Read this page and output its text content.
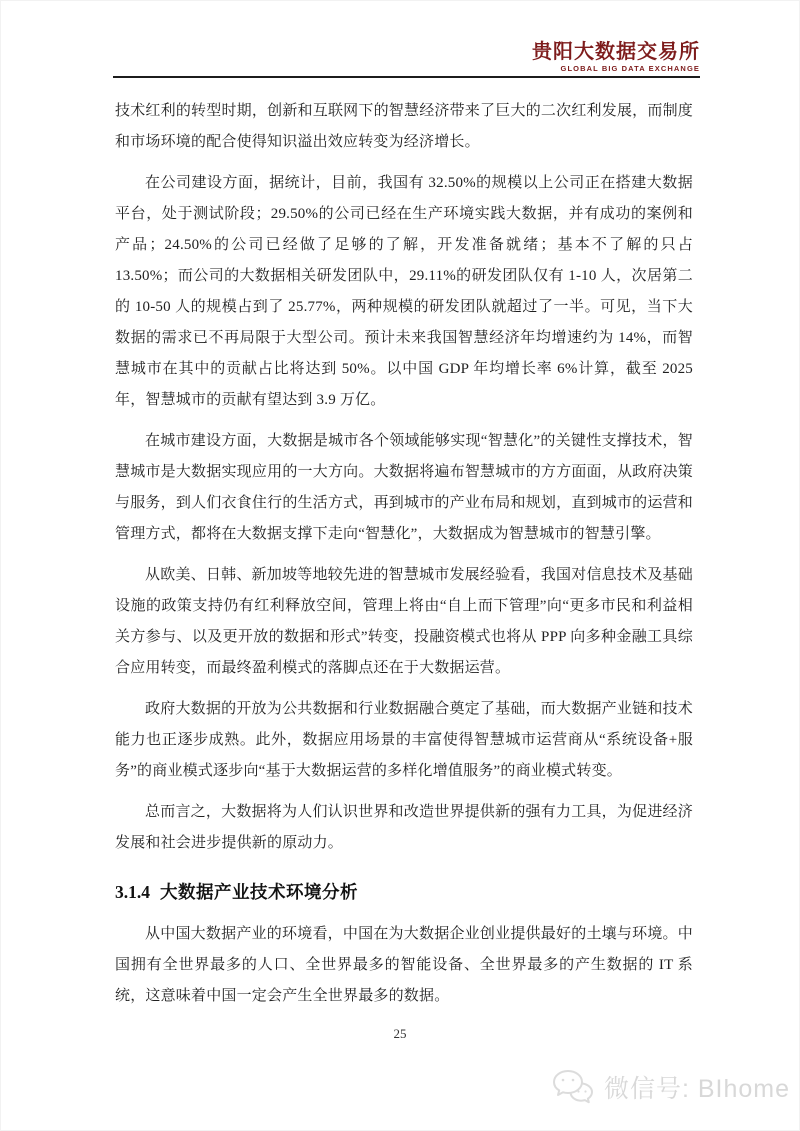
贵阳大数据交易所
GLOBAL BIG DATA EXCHANGE

技术红利的转型时期，创新和互联网下的智慧经济带来了巨大的二次红利发展，而制度和市场环境的配合使得知识溢出效应转变为经济增长。

在公司建设方面，据统计，目前，我国有 32.50%的规模以上公司正在搭建大数据平台，处于测试阶段；29.50%的公司已经在生产环境实践大数据，并有成功的案例和产品；24.50%的公司已经做了足够的了解，开发准备就绪；基本不了解的只占 13.50%；而公司的大数据相关研发团队中，29.11%的研发团队仅有 1-10 人，次居第二的 10-50 人的规模占到了 25.77%，两种规模的研发团队就超过了一半。可见，当下大数据的需求已不再局限于大型公司。预计未来我国智慧经济年均增速约为 14%，而智慧城市在其中的贡献占比将达到 50%。以中国 GDP 年均增长率 6%计算，截至 2025 年，智慧城市的贡献有望达到 3.9 万亿。

在城市建设方面，大数据是城市各个领域能够实现“智慧化”的关键性支撑技术，智慧城市是大数据实现应用的一大方向。大数据将遍布智慧城市的方方面面，从政府决策与服务，到人们衣食住行的生活方式，再到城市的产业布局和规划，直到城市的运营和管理方式，都将在大数据支撑下走向“智慧化”，大数据成为智慧城市的智慧引擎。

从欧美、日韩、新加坡等地较先进的智慧城市发展经验看，我国对信息技术及基础设施的政策支持仍有红利释放空间，管理上将由“自上而下管理”向“更多市民和利益相关方参与、以及更开放的数据和形式”转变，投融资模式也将从 PPP 向多种金融工具综合应用转变，而最终盈利模式的落脚点还在于大数据运营。

政府大数据的开放为公共数据和行业数据融合奠定了基础，而大数据产业链和技术能力也正逐步成熟。此外，数据应用场景的丰富使得智慧城市运营商从“系统设备+服务”的商业模式逐步向“基于大数据运营的多样化增值服务”的商业模式转变。

总而言之，大数据将为人们认识世界和改造世界提供新的强有力工具，为促进经济发展和社会进步提供新的原动力。

3.1.4 大数据产业技术环境分析

从中国大数据产业的环境看，中国在为大数据企业创业提供最好的土壤与环境。中国拥有全世界最多的人口、全世界最多的智能设备、全世界最多的产生数据的 IT 系统，这意味着中国一定会产生全世界最多的数据。

25
微信号: BIhome
